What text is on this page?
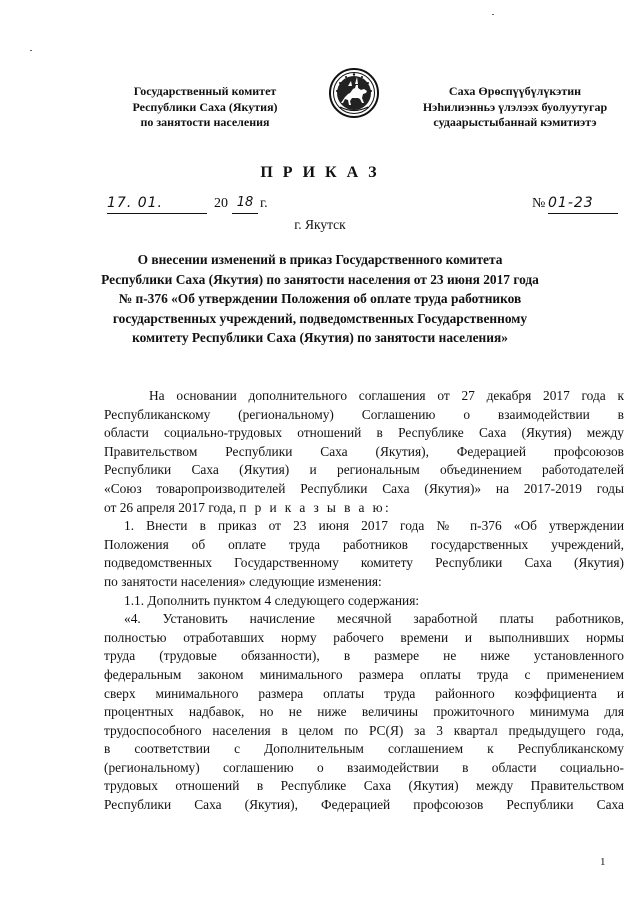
Государственный комитет
Республики Саха (Якутия)
по занятости населения
Саха Өрөспүүбүлүкэтин
Нэһилиэнньэ үлэлээх буолуутугар
судаарыстыбаннай кэмитиэтэ
П Р И К А З
17. 01.	20 18 г.	№ 01-23
г. Якутск
О внесении изменений в приказ Государственного комитета
Республики Саха (Якутия) по занятости населения от 23 июня 2017 года
№ п-376 «Об утверждении Положения об оплате труда работников
государственных учреждений, подведомственных Государственному
комитету Республики Саха (Якутия) по занятости населения»
На основании дополнительного соглашения от 27 декабря 2017 года к
Республиканскому (региональному) Соглашению о взаимодействии в
области социально-трудовых отношений в Республике Саха (Якутия) между
Правительством Республики Саха (Якутия), Федерацией профсоюзов
Республики Саха (Якутия) и региональным объединением работодателей
«Союз товаропроизводителей Республики Саха (Якутия)» на 2017-2019 годы
от 26 апреля 2017 года, п р и к а з ы в а ю:
1. Внести в приказ от 23 июня 2017 года № п-376 «Об утверждении
Положения об оплате труда работников государственных учреждений,
подведомственных Государственному комитету Республики Саха (Якутия)
по занятости населения» следующие изменения:
1.1. Дополнить пунктом 4 следующего содержания:
«4. Установить начисление месячной заработной платы работников,
полностью отработавших норму рабочего времени и выполнивших нормы
труда (трудовые обязанности), в размере не ниже установленного
федеральным законом минимального размера оплаты труда с применением
сверх минимального размера оплаты труда районного коэффициента и
процентных надбавок, но не ниже величины прожиточного минимума для
трудоспособного населения в целом по РС(Я) за 3 квартал предыдущего года,
в соответствии с Дополнительным соглашением к Республиканскому
(региональному) соглашению о взаимодействии в области социально-
трудовых отношений в Республике Саха (Якутия) между Правительством
Республики Саха (Якутия), Федерацией профсоюзов Республики Саха
1
